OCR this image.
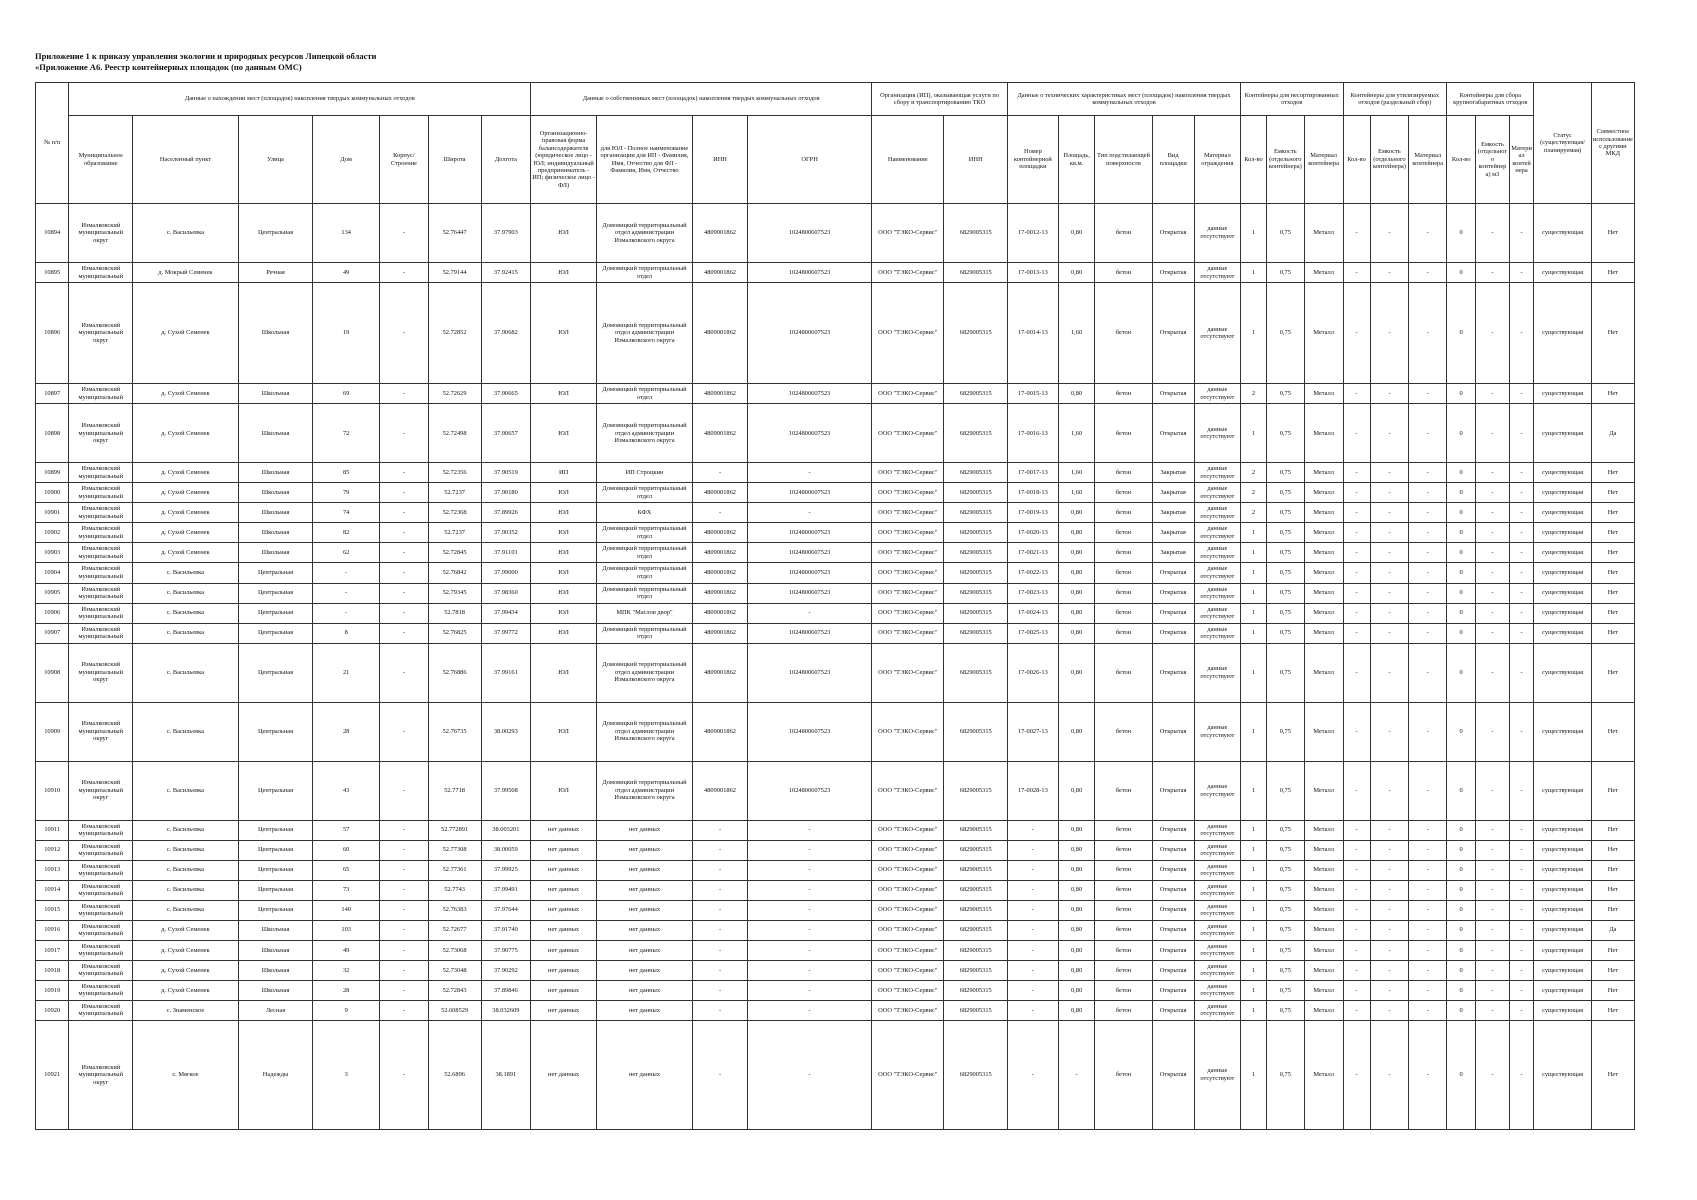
Приложение 1 к приказу управления экологии и природных ресурсов Липецкой области
«Приложение А6. Реестр контейнерных площадок (по данным ОМС)
№ п/п	Данные о нахождении мест (площадок) накопления твердых коммунальных отходов							Данные о собственниках мест (площадок) накопления твердых коммунальных отходов				Организация (ИП), оказывающая услуги по сбору и транспортированию ТКО		Данные о технических характеристиках мест (площадок) накопления твердых коммунальных отходов					Контейнеры для несортированных отходов			Контейнеры для утилизируемых отходов (раздельный сбор)			Контейнеры для сбора крупногабаритных отходов			Статус (существующая/ планируемая)	Совместное использование с другими МКД
	Муниципальное образование	Населенный пункт	Улица	Дом	Корпус/Строение	Широта	Долгота	Организационно-правовая форма балансодержателя (юридическое лицо - ЮЛ; индивидуальный предприниматель - ИП; физическое лицо - ФЛ)	для ЮЛ - Полное наименование организации для ИП - Фамилия, Имя, Отчество для ФЛ - Фамилия, Имя, Отчество	ИНН	ОГРН	Наименование	ИНН	Номер контейнерной площадки	Площадь, кв.м.	Тип подстилающей поверхности	Вид площадки	Материал ограждения	Кол-во	Емкость (отдельного контейнера)	Материал контейнера	Кол-во	Емкость (отдельного контейнера)	Материал контейнера	Кол-во	Емкость (отдельного контейнера) м3	Материал контейнера		
10894	Измалковский муниципальный округ	с. Васильевка	Центральная	134	-	52.76447	37.97903	ЮЛ	Домовицкий территориальный отдел администрации Измалковского округа	4809001862	1024800607523	ООО "ТЭКО-Сервис"	6829005315	17-0012-13	0,80	бетон	Открытая	данные отсутствуют	1	0,75	Металл	-	-	-	0	-	-	существующая	Нет
10895	Измалковский муниципальный	д. Мокрый Семенек	Речная	49	-	52.79144	37.92415	ЮЛ	Домовицкий территориальный отдел	4809001862	1024800607523	ООО "ТЭКО-Сервис"	6829005315	17-0013-13	0,80	бетон	Открытая	данные отсутствуют	1	0,75	Металл	-	-	-	0	-	-	существующая	Нет
10896	Измалковский муниципальный округ	д. Сухой Семенек	Школьная	19	-	52.72852	37.90682	ЮЛ	Домовицкий территориальный отдел администрации Измалковского округа	4809001862	1024800607523	ООО "ТЭКО-Сервис"	6829005315	17-0014-13	1,60	бетон	Открытая	данные отсутствуют	1	0,75	Металл	-	-	-	0	-	-	существующая	Нет
10897	Измалковский муниципальный	д. Сухой Семенек	Школьная	69	-	52.72629	37.90665	ЮЛ	Домовицкий территориальный отдел	4809001862	1024800607523	ООО "ТЭКО-Сервис"	6829005315	17-0015-13	0,80	бетон	Открытая	данные отсутствуют	2	0,75	Металл	-	-	-	0	-	-	существующая	Нет
10898	Измалковский муниципальный округ	д. Сухой Семенек	Школьная	72	-	52.72498	37.90657	ЮЛ	Домовицкий территориальный отдел администрации Измалковского округа	4809001862	1024800607523	ООО "ТЭКО-Сервис"	6829005315	17-0016-13	1,60	бетон	Открытая	данные отсутствуют	1	0,75	Металл	-	-	-	0	-	-	существующая	Да
10899	Измалковский муниципальный	д. Сухой Семенек	Школьная	85	-	52.72356	37.90519	ИП	ИП Строцкин	-	-	ООО "ТЭКО-Сервис"	6829005315	17-0017-13	1,60	бетон	Закрытая	данные отсутствуют	2	0,75	Металл	-	-	-	0	-	-	существующая	Нет
10900	Измалковский муниципальный	д. Сухой Семенек	Школьная	79	-	52.7237	37.90180	ЮЛ	Домовицкий территориальный отдел	4809001862	1024800607523	ООО "ТЭКО-Сервис"	6829005315	17-0018-13	1,60	бетон	Закрытая	данные отсутствуют	2	0,75	Металл	-	-	-	0	-	-	существующая	Нет
10901	Измалковский муниципальный	д. Сухой Семенек	Школьная	74	-	52.72368	37.89926	ЮЛ	КФХ	-	-	ООО "ТЭКО-Сервис"	6829005315	17-0019-13	0,80	бетон	Закрытая	данные отсутствуют	2	0,75	Металл	-	-	-	0	-	-	существующая	Нет
10902	Измалковский муниципальный	д. Сухой Семенек	Школьная	82	-	52.7237	37.90352	ЮЛ	Домовицкий территориальный отдел	4809001862	1024800607523	ООО "ТЭКО-Сервис"	6829005315	17-0020-13	0,80	бетон	Закрытая	данные отсутствуют	1	0,75	Металл	-	-	-	0	-	-	существующая	Нет
10903	Измалковский муниципальный	д. Сухой Семенек	Школьная	62	-	52.72845	37.91101	ЮЛ	Домовицкий территориальный отдел	4809001862	1024800607523	ООО "ТЭКО-Сервис"	6829005315	17-0021-13	0,80	бетон	Закрытая	данные отсутствуют	1	0,75	Металл	-	-	-	0	-	-	существующая	Нет
10904	Измалковский муниципальный	с. Васильевка	Центральная	-	-	52.76842	37.99000	ЮЛ	Домовицкий территориальный отдел	4809001862	1024800607523	ООО "ТЭКО-Сервис"	6829005315	17-0022-13	0,80	бетон	Открытая	данные отсутствуют	1	0,75	Металл	-	-	-	0	-	-	существующая	Нет
10905	Измалковский муниципальный	с. Васильевка	Центральная	-	-	52.79345	37.98360	ЮЛ	Домовицкий территориальный отдел	4809001862	1024800607523	ООО "ТЭКО-Сервис"	6829005315	17-0023-13	0,80	бетон	Открытая	данные отсутствуют	1	0,75	Металл	-	-	-	0	-	-	существующая	Нет
10906	Измалковский муниципальный	с. Васильевка	Центральная	-	-	52.7818	37.99434	ЮЛ	МПК "Маслов двор"	4809001862	-	ООО "ТЭКО-Сервис"	6829005315	17-0024-13	0,80	бетон	Открытая	данные отсутствуют	1	0,75	Металл	-	-	-	0	-	-	существующая	Нет
10907	Измалковский муниципальный	с. Васильевка	Центральная	8	-	52.76825	37.99772	ЮЛ	Домовицкий территориальный отдел	4809001862	1024800607523	ООО "ТЭКО-Сервис"	6829005315	17-0025-13	0,80	бетон	Открытая	данные отсутствуют	1	0,75	Металл	-	-	-	0	-	-	существующая	Нет
10908	Измалковский муниципальный округ	с. Васильевка	Центральная	21	-	52.76886	37.99161	ЮЛ	Домовицкий территориальный отдел администрации Измалковского округа	4809001862	1024800607523	ООО "ТЭКО-Сервис"	6829005315	17-0026-13	0,80	бетон	Открытая	данные отсутствуют	1	0,75	Металл	-	-	-	0	-	-	существующая	Нет
10909	Измалковский муниципальный округ	с. Васильевка	Центральная	28	-	52.76735	38.00293	ЮЛ	Домовицкий территориальный отдел администрации Измалковского округа	4809001862	1024800607523	ООО "ТЭКО-Сервис"	6829005315	17-0027-13	0,80	бетон	Открытая	данные отсутствуют	1	0,75	Металл	-	-	-	0	-	-	существующая	Нет
10910	Измалковский муниципальный округ	с. Васильевка	Центральная	43	-	52.7718	37.99508	ЮЛ	Домовицкий территориальный отдел администрации Измалковского округа	4809001862	1024800607523	ООО "ТЭКО-Сервис"	6829005315	17-0028-13	0,80	бетон	Открытая	данные отсутствуют	1	0,75	Металл	-	-	-	0	-	-	существующая	Нет
10911	Измалковский муниципальный	с. Васильевка	Центральная	57	-	52.772891	38.003201	нет данных	нет данных	-	-	ООО "ТЭКО-Сервис"	6829005315	-	0,80	бетон	Открытая	данные отсутствуют	1	0,75	Металл	-	-	-	0	-	-	существующая	Нет
10912	Измалковский муниципальный	с. Васильевка	Центральная	60	-	52.77308	38.00059	нет данных	нет данных	-	-	ООО "ТЭКО-Сервис"	6829005315	-	0,80	бетон	Открытая	данные отсутствуют	1	0,75	Металл	-	-	-	0	-	-	существующая	Нет
10913	Измалковский муниципальный	с. Васильевка	Центральная	65	-	52.77361	37.99925	нет данных	нет данных	-	-	ООО "ТЭКО-Сервис"	6829005315	-	0,80	бетон	Открытая	данные отсутствуют	1	0,75	Металл	-	-	-	0	-	-	существующая	Нет
10914	Измалковский муниципальный	с. Васильевка	Центральная	73	-	52.7743	37.99491	нет данных	нет данных	-	-	ООО "ТЭКО-Сервис"	6829005315	-	0,80	бетон	Открытая	данные отсутствуют	1	0,75	Металл	-	-	-	0	-	-	существующая	Нет
10915	Измалковский муниципальный	с. Васильевка	Центральная	140	-	52.76383	37.97644	нет данных	нет данных	-	-	ООО "ТЭКО-Сервис"	6829005315	-	0,80	бетон	Открытая	данные отсутствуют	1	0,75	Металл	-	-	-	0	-	-	существующая	Нет
10916	Измалковский муниципальный	д. Сухой Семенек	Школьная	103	-	52.72677	37.91740	нет данных	нет данных	-	-	ООО "ТЭКО-Сервис"	6829005315	-	0,80	бетон	Открытая	данные отсутствуют	1	0,75	Металл	-	-	-	0	-	-	существующая	Да
10917	Измалковский муниципальный	д. Сухой Семенек	Школьная	49	-	52.73068	37.90775	нет данных	нет данных	-	-	ООО "ТЭКО-Сервис"	6829005315	-	0,80	бетон	Открытая	данные отсутствуют	1	0,75	Металл	-	-	-	0	-	-	существующая	Нет
10918	Измалковский муниципальный	д. Сухой Семенек	Школьная	32	-	52.73048	37.90292	нет данных	нет данных	-	-	ООО "ТЭКО-Сервис"	6829005315	-	0,80	бетон	Открытая	данные отсутствуют	1	0,75	Металл	-	-	-	0	-	-	существующая	Нет
10919	Измалковский муниципальный	д. Сухой Семенек	Школьная	28	-	52.72843	37.89846	нет данных	нет данных	-	-	ООО "ТЭКО-Сервис"	6829005315	-	0,80	бетон	Открытая	данные отсутствуют	1	0,75	Металл	-	-	-	0	-	-	существующая	Нет
10920	Измалковский муниципальный	с. Знаменское	Лесная	9	-	52.608529	38.032609	нет данных	нет данных	-	-	ООО "ТЭКО-Сервис"	6829005315	-	0,80	бетон	Открытая	данные отсутствуют	1	0,75	Металл	-	-	-	0	-	-	существующая	Нет
10921	Измалковский муниципальный округ	с. Мягкое	Надежды	3	-	52.6896	38.1891	нет данных	нет данных	-	-	ООО "ТЭКО-Сервис"	6829005315	-	-	бетон	Открытая	данные отсутствуют	1	0,75	Металл	-	-	-	0	-	-	существующая	Нет
